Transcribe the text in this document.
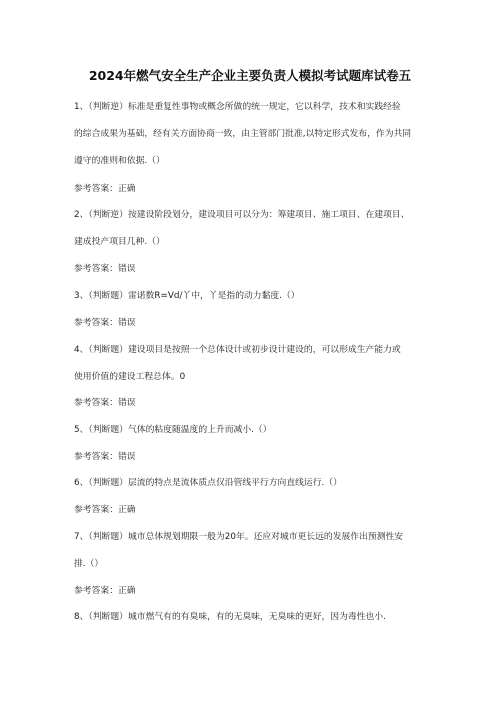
2024年燃气安全生产企业主要负责人模拟考试题库试卷五
1、（判断逆）标准是重复性事物或概念所做的统一规定，它以科学，技术和实践经验
的综合成果为基础，经有关方面协商一致，由主管部门批准,以特定形式发布，作为共同
遵守的准则和依据.（）
参考答案：正确
2、（判断逆）按建设阶段划分，建设项目可以分为：筹建项目、施工项目、在建项目、
建成投产项目几种.（）
参考答案：错误
3、（判断题）雷诺数R=Vd/丫中，丫是指的动力黏度.（）
参考答案：错误
4、（判断题）建设项目是按照一个总体设计或初步设计建设的，可以形成生产能力或
使用价值的建设工程总体。0
参考答案：错误
5、（判断题）气体的粘度随温度的上升而减小.（）
参考答案：错误
6、（判断题）层流的特点是流体质点仅沿管线平行方向直线运行.（）
参考答案：正确
7、（判断题）城市总体规划期限一般为20年。还应对城市更长远的发展作出预测性安
排.（）
参考答案：正确
8、（判断题）城市燃气有的有臭味，有的无臭味，无臭味的更好，因为毒性也小.
